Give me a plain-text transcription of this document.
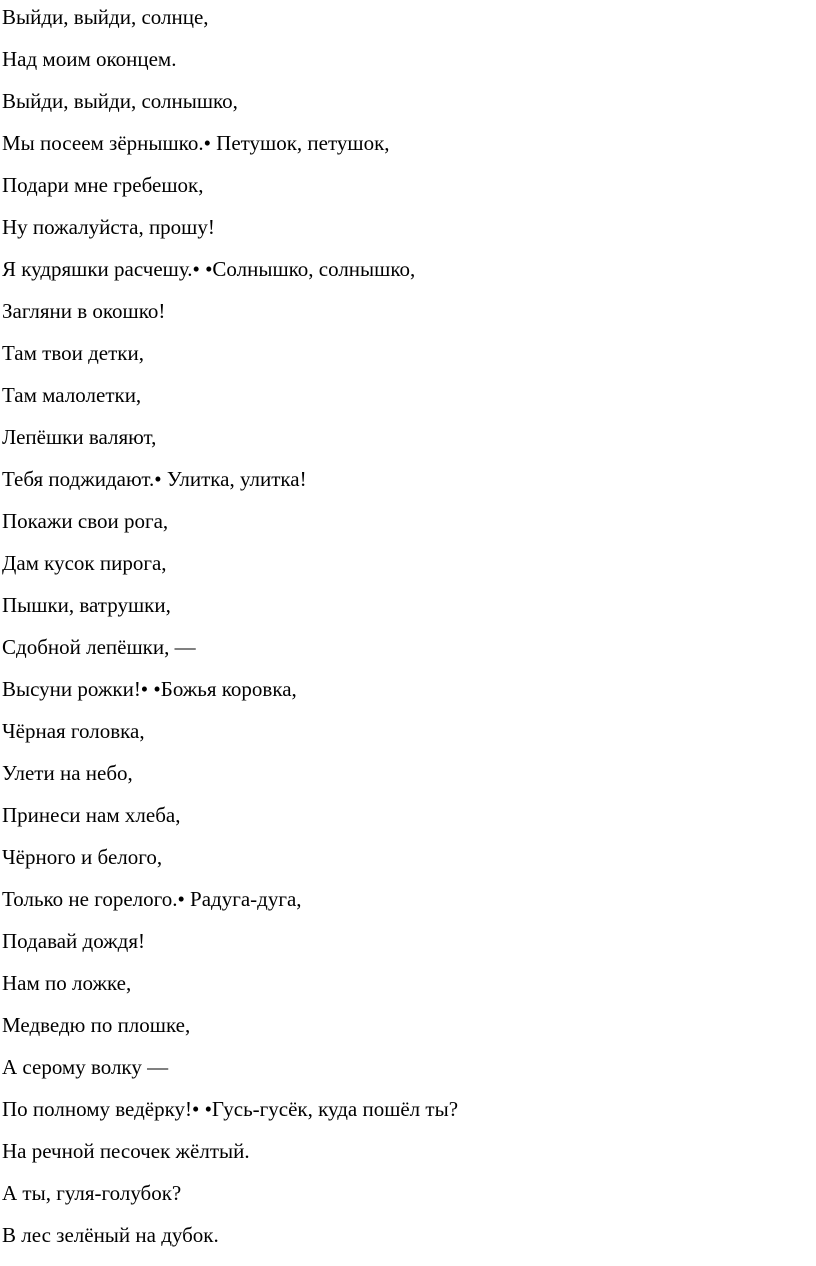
Выйди, выйди, солнце,
Над моим оконцем.
Выйди, выйди, солнышко,
Мы посеем зёрнышко.• Петушок, петушок,
Подари мне гребешок,
Ну пожалуйста, прошу!
Я кудряшки расчешу.• •Солнышко, солнышко,
Загляни в окошко!
Там твои детки,
Там малолетки,
Лепёшки валяют,
Тебя поджидают.• Улитка, улитка!
Покажи свои рога,
Дам кусок пирога,
Пышки, ватрушки,
Сдобной лепёшки, —
Высуни рожки!• •Божья коровка,
Чёрная головка,
Улети на небо,
Принеси нам хлеба,
Чёрного и белого,
Только не горелого.• Радуга-дуга,
Подавай дождя!
Нам по ложке,
Медведю по плошке,
А серому волку —
По полному ведёрку!• •Гусь-гусёк, куда пошёл ты?
На речной песочек жёлтый.
А ты, гуля-голубок?
В лес зелёный на дубок.
